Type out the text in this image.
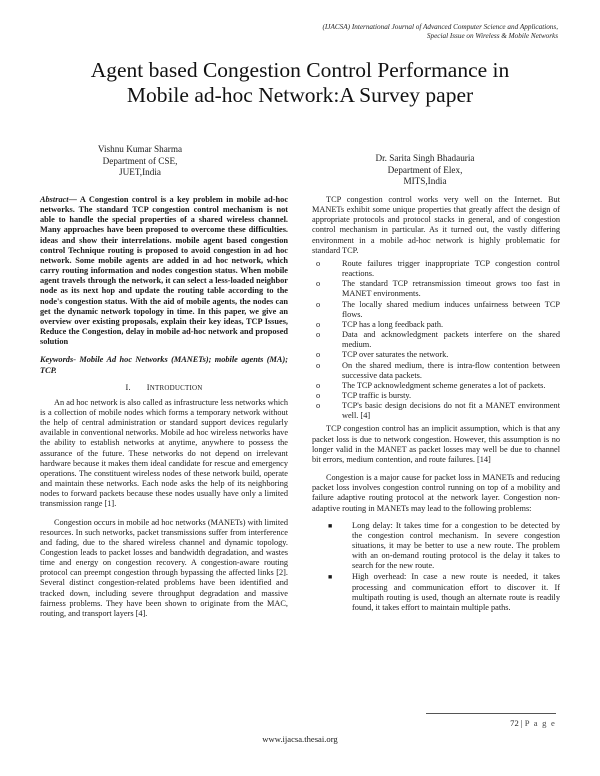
(IJACSA) International Journal of Advanced Computer Science and Applications,
Special Issue on Wireless & Mobile Networks
Agent based Congestion Control Performance in
Mobile ad-hoc Network:A Survey paper
Vishnu Kumar Sharma
Department of CSE,
JUET,India
Dr. Sarita Singh Bhadauria
Department of Elex,
MITS,India

Abstract— A Congestion control is a key problem in mobile ad-hoc networks. The standard TCP congestion control mechanism is not able to handle the special properties of a shared wireless channel. Many approaches have been proposed to overcome these difficulties. ideas and show their interrelations. mobile agent based congestion control Technique routing is proposed to avoid congestion in ad hoc network. Some mobile agents are added in ad hoc network, which carry routing information and nodes congestion status. When mobile agent travels through the network, it can select a less-loaded neighbor node as its next hop and update the routing table according to the node's congestion status. With the aid of mobile agents, the nodes can get the dynamic network topology in time. In this paper, we give an overview over existing proposals, explain their key ideas, TCP Issues, Reduce the Congestion, delay in mobile ad-hoc network and proposed solution

Keywords- Mobile Ad hoc Networks (MANETs); mobile agents (MA); TCP.

I. INTRODUCTION

An ad hoc network is also called as infrastructure less networks which is a collection of mobile nodes which forms a temporary network without the help of central administration or standard support devices regularly available in conventional networks. Mobile ad hoc wireless networks have the ability to establish networks at anytime, anywhere to possess the assurance of the future. These networks do not depend on irrelevant hardware because it makes them ideal candidate for rescue and emergency operations. The constituent wireless nodes of these network build, operate and maintain these networks. Each node asks the help of its neighboring nodes to forward packets because these nodes usually have only a limited transmission range [1].

Congestion occurs in mobile ad hoc networks (MANETs) with limited resources. In such networks, packet transmissions suffer from interference and fading, due to the shared wireless channel and dynamic topology. Congestion leads to packet losses and bandwidth degradation, and wastes time and energy on congestion recovery. A congestion-aware routing protocol can preempt congestion through bypassing the affected links [2]. Several distinct congestion-related problems have been identified and tracked down, including severe throughput degradation and massive fairness problems. They have been shown to originate from the MAC, routing, and transport layers [4].

TCP congestion control works very well on the Internet. But MANETs exhibit some unique properties that greatly affect the design of appropriate protocols and protocol stacks in general, and of congestion control mechanism in particular. As it turned out, the vastly differing environment in a mobile ad-hoc network is highly problematic for standard TCP.

o	Route failures trigger inappropriate TCP congestion control reactions.
o	The standard TCP retransmission timeout grows too fast in MANET environments.
o	The locally shared medium induces unfairness between TCP flows.
o	TCP has a long feedback path.
o	Data and acknowledgment packets interfere on the shared medium.
o	TCP over saturates the network.
o	On the shared medium, there is intra-flow contention between successive data packets.
o	The TCP acknowledgment scheme generates a lot of packets.
o	TCP traffic is bursty.
o	TCP's basic design decisions do not fit a MANET environment well. [4]

TCP congestion control has an implicit assumption, which is that any packet loss is due to network congestion. However, this assumption is no longer valid in the MANET as packet losses may well be due to channel bit errors, medium contention, and route failures. [14]

Congestion is a major cause for packet loss in MANETs and reducing packet loss involves congestion control running on top of a mobility and failure adaptive routing protocol at the network layer. Congestion non-adaptive routing in MANETs may lead to the following problems:

■ Long delay: It takes time for a congestion to be detected by the congestion control mechanism. In severe congestion situations, it may be better to use a new route. The problem with an on-demand routing protocol is the delay it takes to search for the new route.
■ High overhead: In case a new route is needed, it takes processing and communication effort to discover it. If multipath routing is used, though an alternate route is readily found, it takes effort to maintain multiple paths.
72 | P a g e
www.ijacsa.thesai.org
